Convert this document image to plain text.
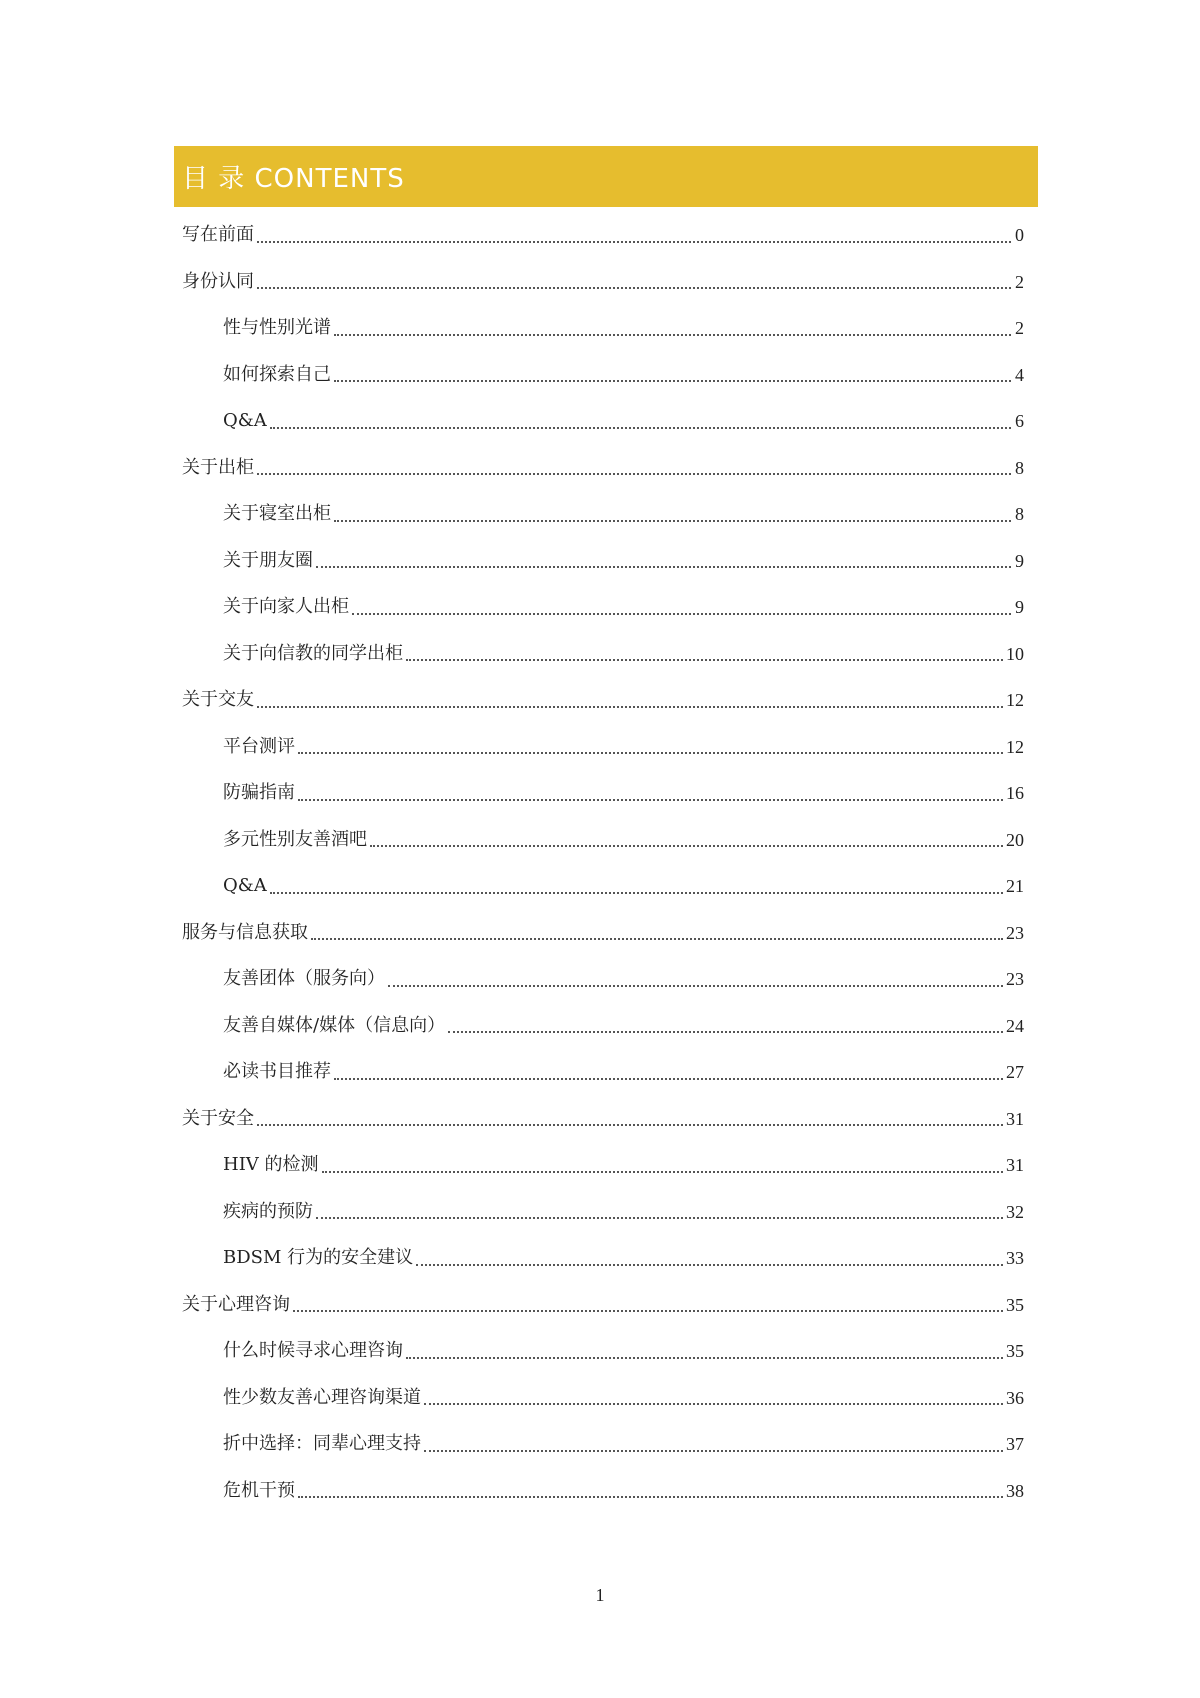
目 录 CONTENTS
写在前面	0
身份认同	2
性与性别光谱	2
如何探索自己	4
Q&A	6
关于出柜	8
关于寝室出柜	8
关于朋友圈	9
关于向家人出柜	9
关于向信教的同学出柜	10
关于交友	12
平台测评	12
防骗指南	16
多元性别友善酒吧	20
Q&A	21
服务与信息获取	23
友善团体（服务向）	23
友善自媒体/媒体（信息向）	24
必读书目推荐	27
关于安全	31
HIV 的检测	31
疾病的预防	32
BDSM 行为的安全建议	33
关于心理咨询	35
什么时候寻求心理咨询	35
性少数友善心理咨询渠道	36
折中选择：同辈心理支持	37
危机干预	38
1
